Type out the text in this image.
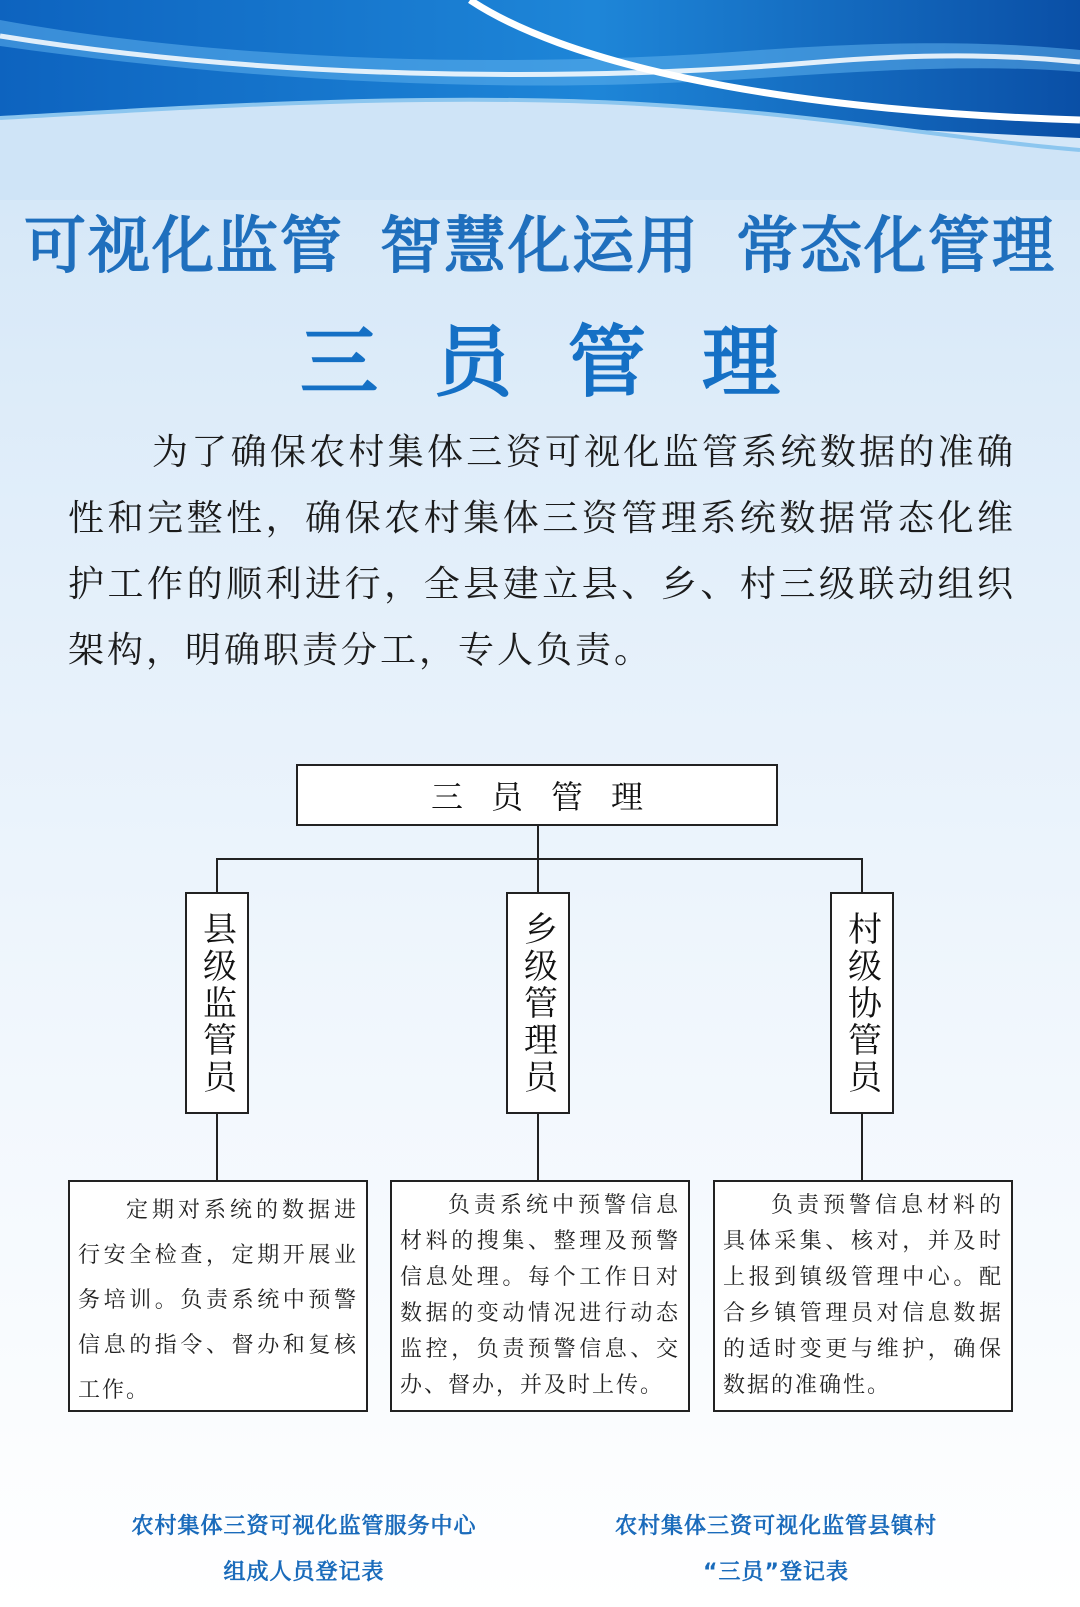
可视化监管 智慧化运用 常态化管理
三员管理
为了确保农村集体三资可视化监管系统数据的准确性和完整性，确保农村集体三资管理系统数据常态化维护工作的顺利进行，全县建立县、乡、村三级联动组织架构，明确职责分工，专人负责。
三员管理
县级监管员	乡级管理员	村级协管员
定期对系统的数据进行安全检查，定期开展业务培训。负责系统中预警信息的指令、督办和复核工作。
负责系统中预警信息材料的搜集、整理及预警信息处理。每个工作日对数据的变动情况进行动态监控，负责预警信息、交办、督办，并及时上传。
负责预警信息材料的具体采集、核对，并及时上报到镇级管理中心。配合乡镇管理员对信息数据的适时变更与维护，确保数据的准确性。
农村集体三资可视化监管服务中心
组成人员登记表
农村集体三资可视化监管县镇村
“三员”登记表
